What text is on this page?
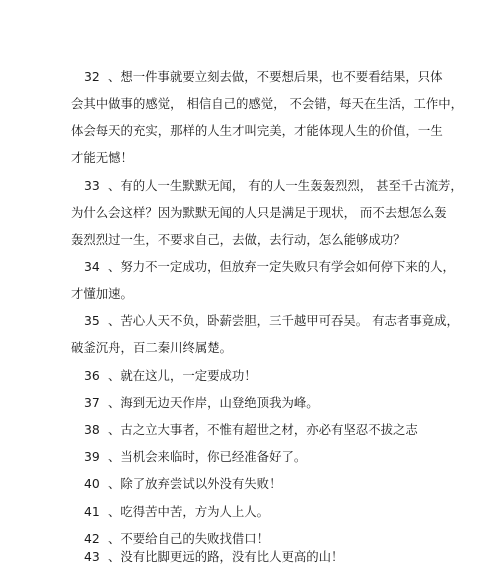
32 、想一件事就要立刻去做，不要想后果，也不要看结果，只体
会其中做事的感觉， 相信自己的感觉， 不会错，每天在生活，工作中，
体会每天的充实，那样的人生才叫完美，才能体现人生的价值，一生
才能无憾！
33 、有的人一生默默无闻， 有的人一生轰轰烈烈， 甚至千古流芳，
为什么会这样？因为默默无闻的人只是满足于现状， 而不去想怎么轰
轰烈烈过一生，不要求自己，去做，去行动，怎么能够成功？
34 、努力不一定成功，但放弃一定失败只有学会如何停下来的人，
才懂加速。
35 、苦心人天不负，卧薪尝胆，三千越甲可吞吴。 有志者事竟成，
破釜沉舟，百二秦川终属楚。
36 、就在这儿，一定要成功！
37 、海到无边天作岸，山登绝顶我为峰。
38 、古之立大事者，不惟有超世之材，亦必有坚忍不拔之志
39 、当机会来临时，你已经准备好了。
40 、除了放弃尝试以外没有失败！
41 、吃得苦中苦，方为人上人。
42 、不要给自己的失败找借口！
43 、没有比脚更远的路，没有比人更高的山！
